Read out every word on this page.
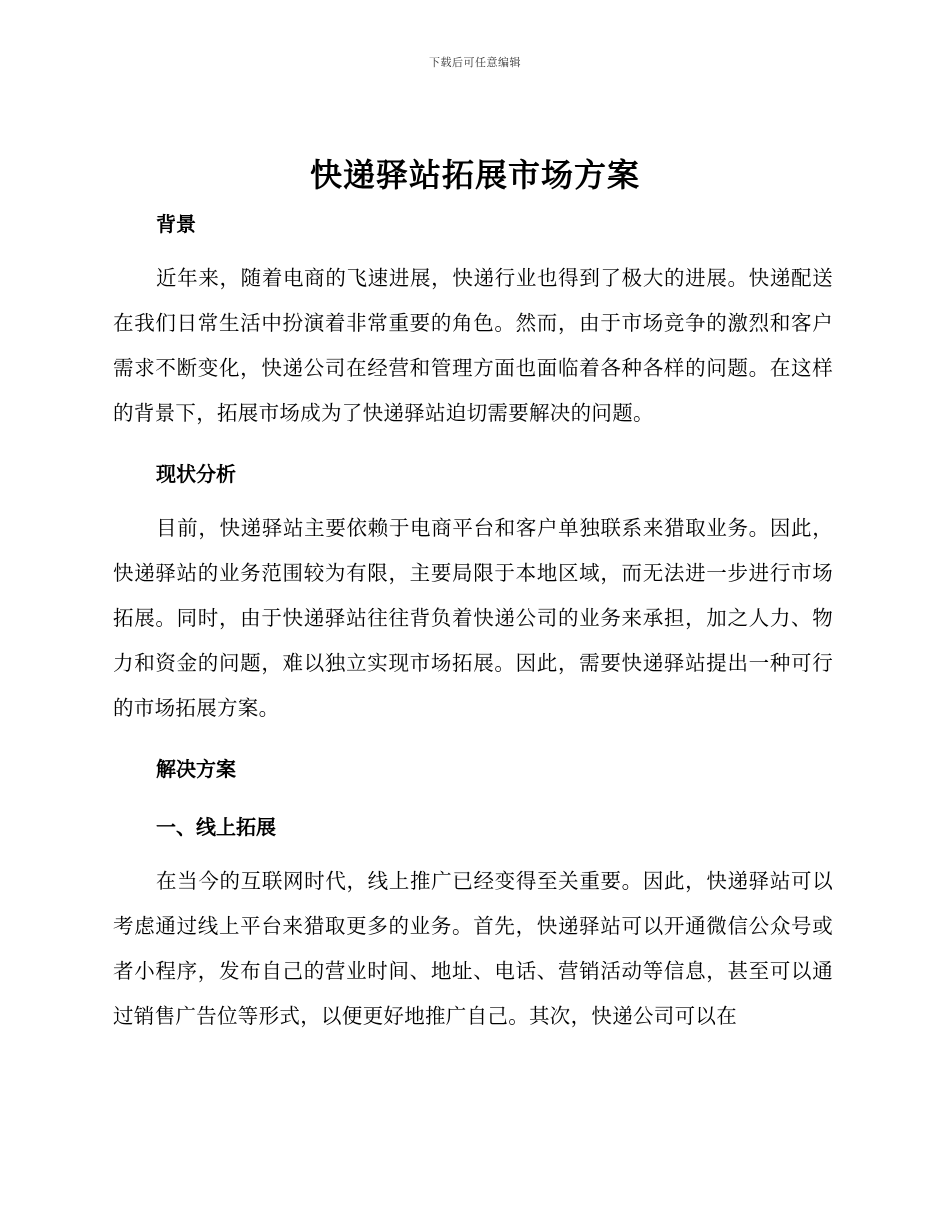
下载后可任意编辑
快递驿站拓展市场方案
背景
近年来，随着电商的飞速进展，快递行业也得到了极大的进展。快递配送在我们日常生活中扮演着非常重要的角色。然而，由于市场竞争的激烈和客户需求不断变化，快递公司在经营和管理方面也面临着各种各样的问题。在这样的背景下，拓展市场成为了快递驿站迫切需要解决的问题。
现状分析
目前，快递驿站主要依赖于电商平台和客户单独联系来猎取业务。因此，快递驿站的业务范围较为有限，主要局限于本地区域，而无法进一步进行市场拓展。同时，由于快递驿站往往背负着快递公司的业务来承担，加之人力、物力和资金的问题，难以独立实现市场拓展。因此，需要快递驿站提出一种可行的市场拓展方案。
解决方案
一、线上拓展
在当今的互联网时代，线上推广已经变得至关重要。因此，快递驿站可以考虑通过线上平台来猎取更多的业务。首先，快递驿站可以开通微信公众号或者小程序，发布自己的营业时间、地址、电话、营销活动等信息，甚至可以通过销售广告位等形式，以便更好地推广自己。其次，快递公司可以在
